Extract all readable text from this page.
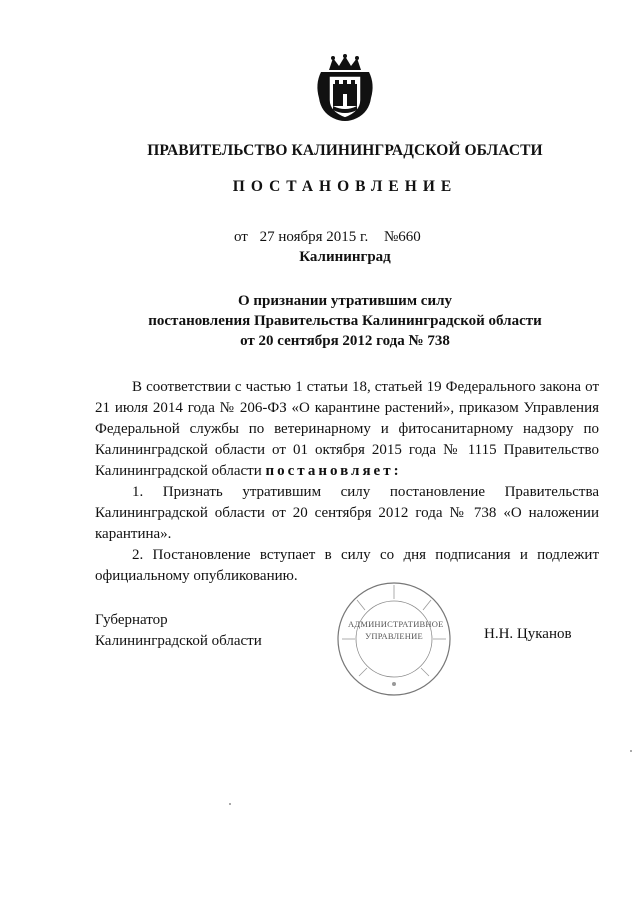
ПРАВИТЕЛЬСТВО КАЛИНИНГРАДСКОЙ ОБЛАСТИ
ПОСТАНОВЛЕНИЕ
от 27 ноября 2015 г. №660
Калининград
О признании утратившим силу
постановления Правительства Калининградской области
от 20 сентября 2012 года № 738

В соответствии с частью 1 статьи 18, статьей 19 Федерального закона от 21 июля 2014 года № 206-ФЗ «О карантине растений», приказом Управления Федеральной службы по ветеринарному и фитосанитарному надзору по Калининградской области от 01 октября 2015 года № 1115 Правительство Калининградской области постановляет:

1. Признать утратившим силу постановление Правительства Калининградской области от 20 сентября 2012 года № 738 «О наложении карантина».

2. Постановление вступает в силу со дня подписания и подлежит официальному опубликованию.

Губернатор
Калининградской области	Н.Н. Цуканов
АДМИНИСТРАТИВНОЕ
УПРАВЛЕНИЕ
